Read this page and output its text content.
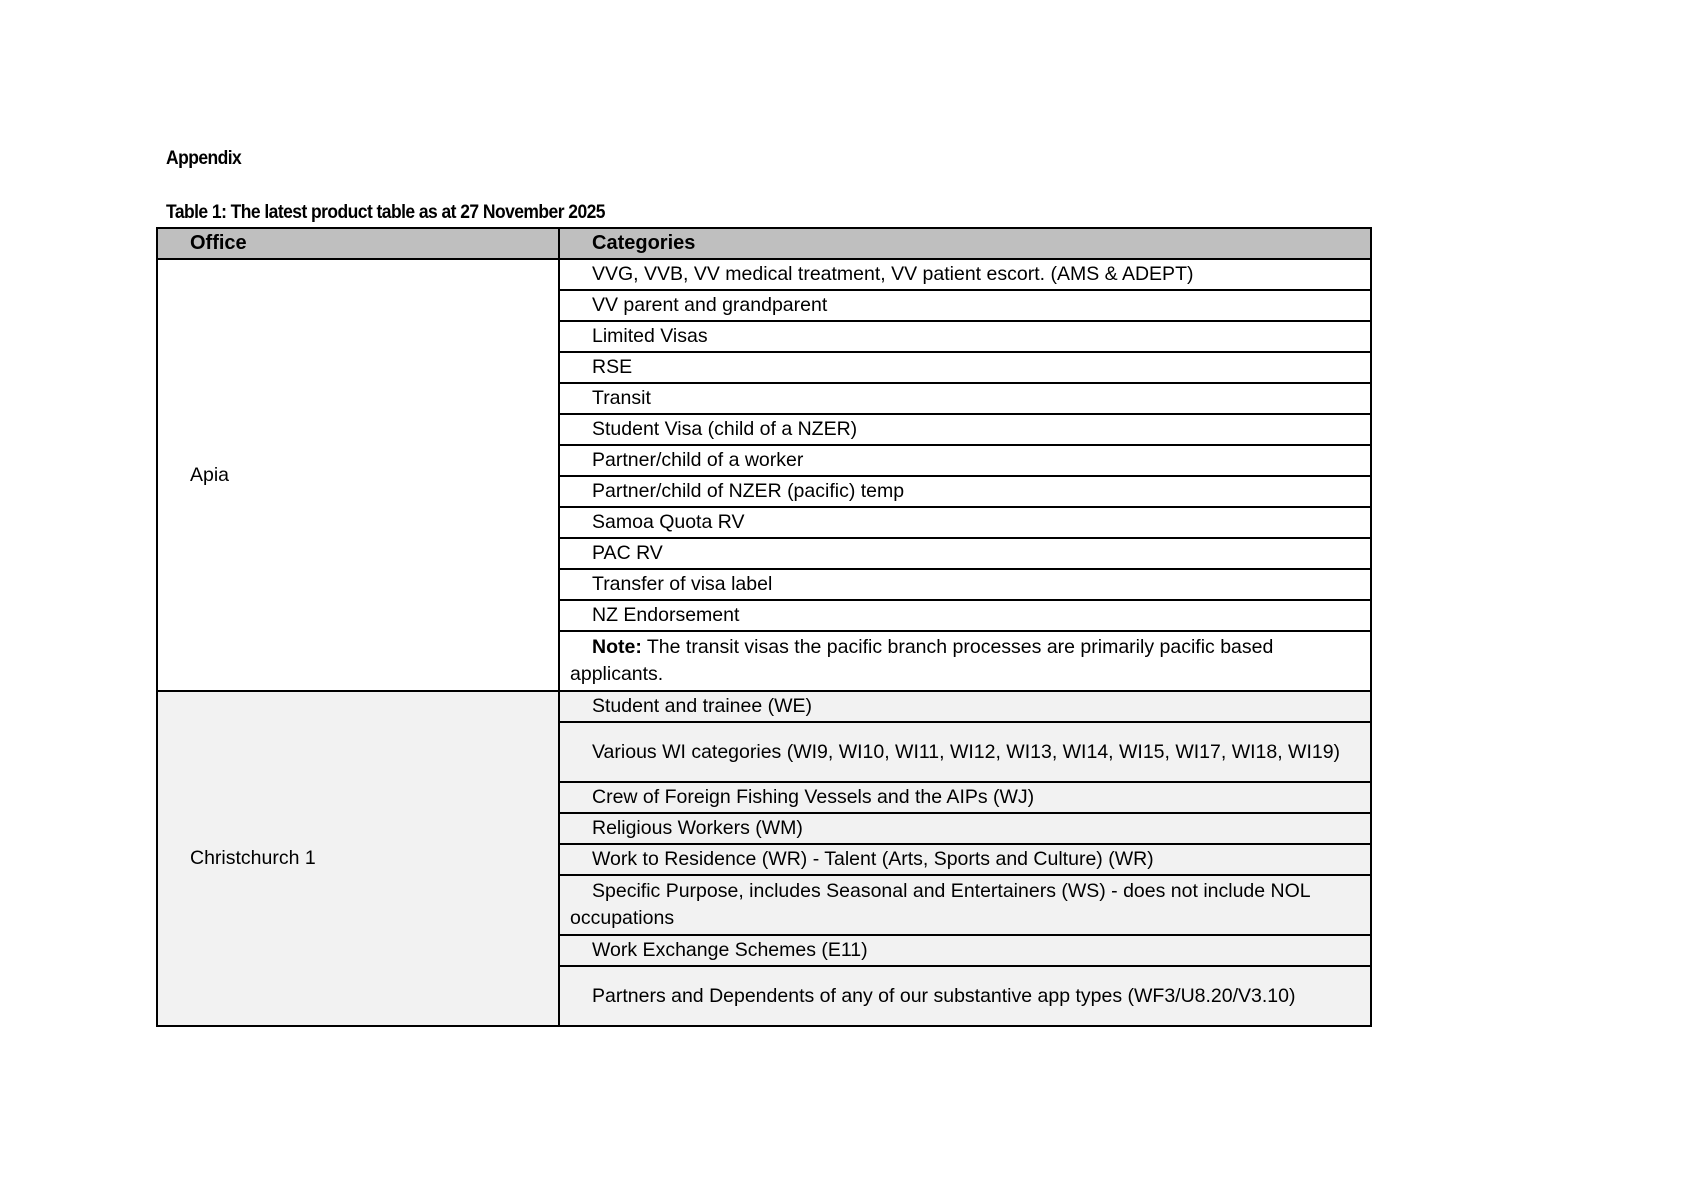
Appendix
Table 1: The latest product table as at 27 November 2025
Office	Categories
Apia	VVG, VVB, VV medical treatment, VV patient escort. (AMS & ADEPT)
	VV parent and grandparent
	Limited Visas
	RSE
	Transit
	Student Visa (child of a NZER)
	Partner/child of a worker
	Partner/child of NZER (pacific) temp
	Samoa Quota RV
	PAC RV
	Transfer of visa label
	NZ Endorsement
	Note: The transit visas the pacific branch processes are primarily pacific based applicants.
Christchurch 1	Student and trainee (WE)
	Various WI categories (WI9, WI10, WI11, WI12, WI13, WI14, WI15, WI17, WI18, WI19)
	Crew of Foreign Fishing Vessels and the AIPs (WJ)
	Religious Workers (WM)
	Work to Residence (WR) - Talent (Arts, Sports and Culture) (WR)
	Specific Purpose, includes Seasonal and Entertainers (WS) - does not include NOL occupations
	Work Exchange Schemes (E11)
	Partners and Dependents of any of our substantive app types (WF3/U8.20/V3.10)
